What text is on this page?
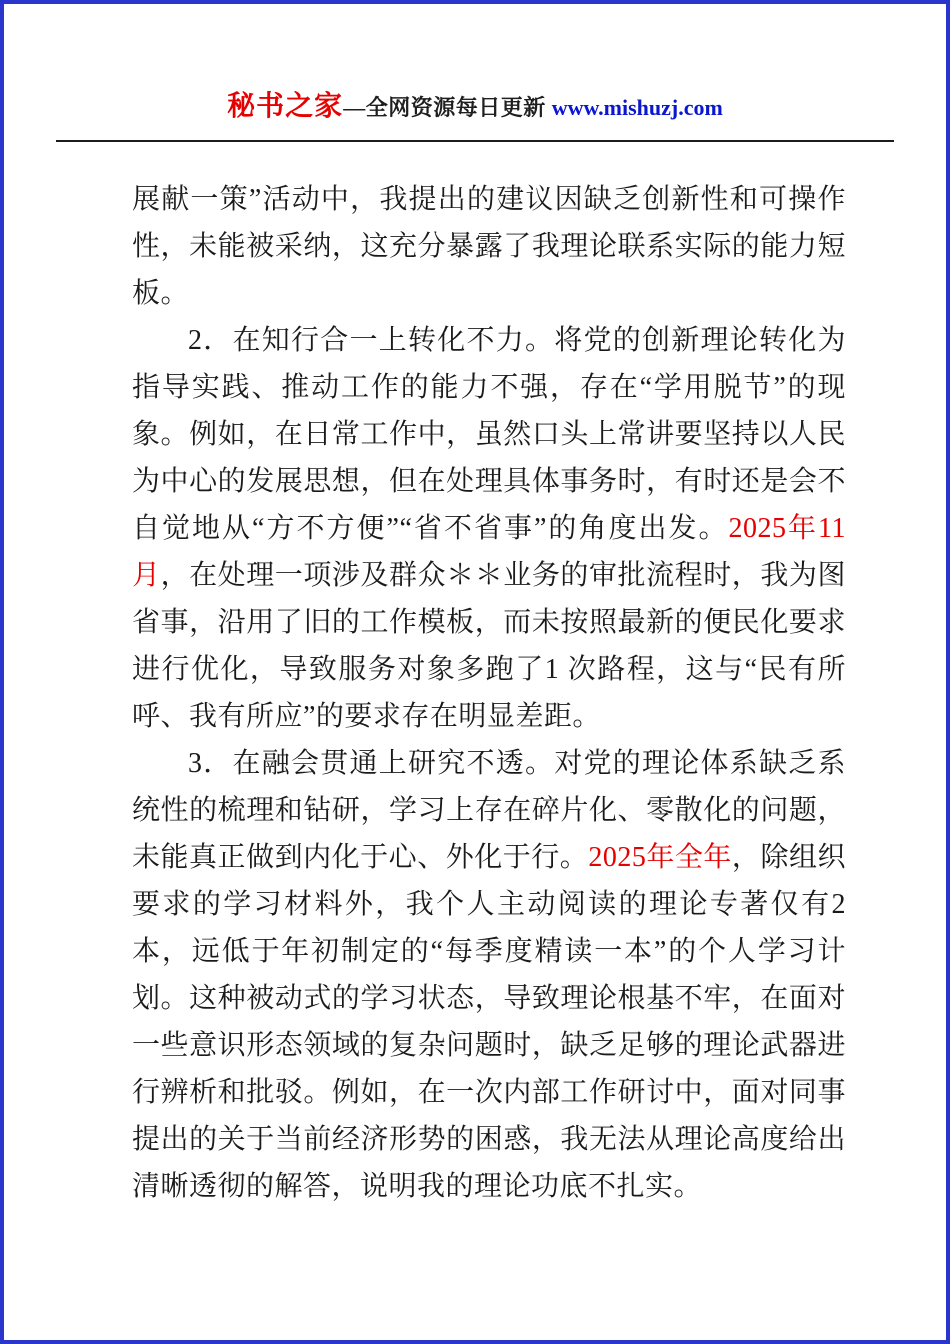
秘书之家—全网资源每日更新 www.mishuzj.com

展献一策”活动中，我提出的建议因缺乏创新性和可操作性，未能被采纳，这充分暴露了我理论联系实际的能力短板。

2．在知行合一上转化不力。将党的创新理论转化为指导实践、推动工作的能力不强，存在“学用脱节”的现象。例如，在日常工作中，虽然口头上常讲要坚持以人民为中心的发展思想，但在处理具体事务时，有时还是会不自觉地从“方不方便”“省不省事”的角度出发。2025年11月，在处理一项涉及群众＊＊业务的审批流程时，我为图省事，沿用了旧的工作模板，而未按照最新的便民化要求进行优化，导致服务对象多跑了1 次路程，这与“民有所呼、我有所应”的要求存在明显差距。

3．在融会贯通上研究不透。对党的理论体系缺乏系统性的梳理和钻研，学习上存在碎片化、零散化的问题，未能真正做到内化于心、外化于行。2025年全年，除组织要求的学习材料外，我个人主动阅读的理论专著仅有2 本，远低于年初制定的“每季度精读一本”的个人学习计划。这种被动式的学习状态，导致理论根基不牢，在面对一些意识形态领域的复杂问题时，缺乏足够的理论武器进行辨析和批驳。例如，在一次内部工作研讨中，面对同事提出的关于当前经济形势的困惑，我无法从理论高度给出清晰透彻的解答，说明我的理论功底不扎实。
